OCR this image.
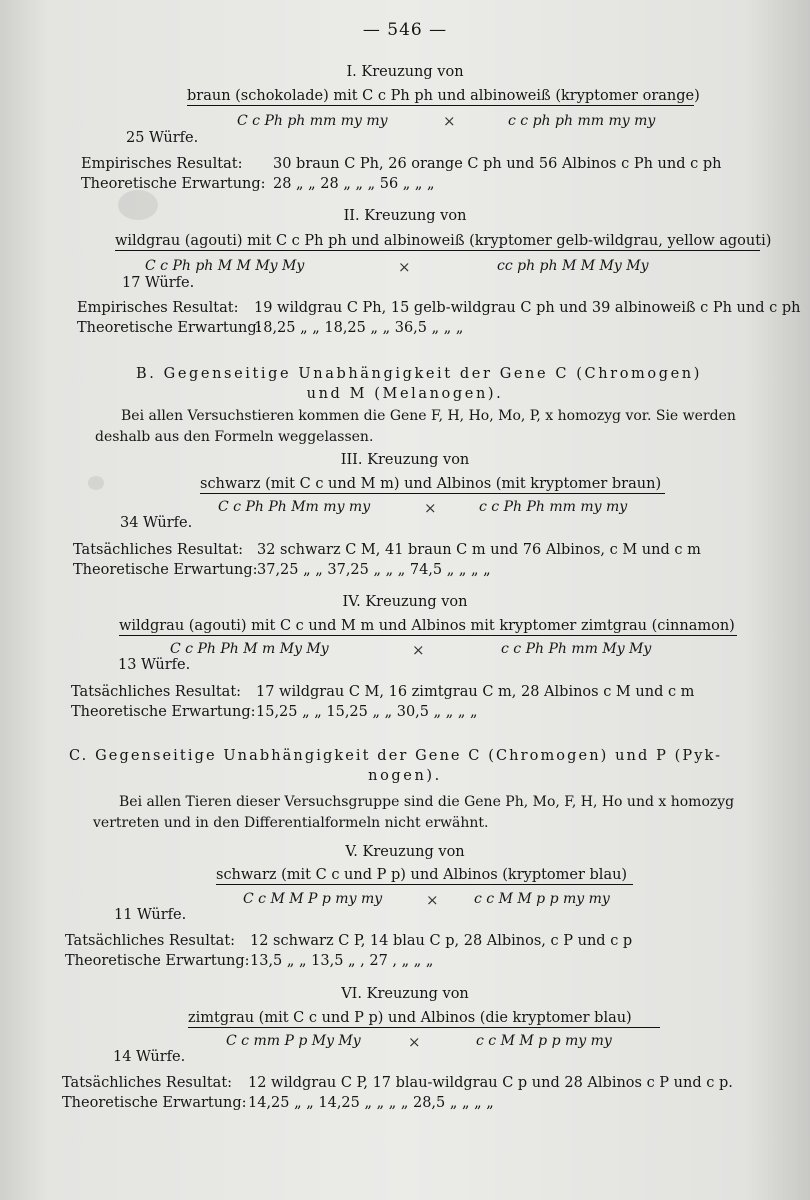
— 546 —
I. Kreuzung von
braun (schokolade) mit C c Ph ph und albinoweiß (kryptomer orange)
C c Ph ph mm my my	×	c c ph ph mm my my
25 Würfe.
Empirisches Resultat: 30 braun C Ph, 26 orange C ph und 56 Albinos c Ph und c ph
Theoretische Erwartung: 28 „ „ 28 „ „ „ 56 „ „ „
II. Kreuzung von
wildgrau (agouti) mit C c Ph ph und albinoweiß (kryptomer gelb-wildgrau, yellow agouti)
C c Ph ph M M My My	×	cc ph ph M M My My
17 Würfe.
Empirisches Resultat: 19 wildgrau C Ph, 15 gelb-wildgrau C ph und 39 albinoweiß c Ph und c ph
Theoretische Erwartung:
18,25 „ „ 18,25 „ „ 36,5 „ „ „
B. Gegenseitige Unabhängigkeit der Gene C (Chromogen)
und M (Melanogen).
Bei allen Versuchstieren kommen die Gene F, H, Ho, Mo, P, x homozyg vor. Sie werden deshalb aus den Formeln weggelassen.
III. Kreuzung von
schwarz (mit C c und M m) und Albinos (mit kryptomer braun)
C c Ph Ph Mm my my	×	c c Ph Ph mm my my
34 Würfe.
Tatsächliches Resultat: 32 schwarz C M, 41 braun C m und 76 Albinos, c M und c m
Theoretische Erwartung: 37,25 „ „ 37,25 „ „ „ 74,5 „ „ „ „
IV. Kreuzung von
wildgrau (agouti) mit C c und M m und Albinos mit kryptomer zimtgrau (cinnamon)
C c Ph Ph M m My My	×	c c Ph Ph mm My My
13 Würfe.
Tatsächliches Resultat: 17 wildgrau C M, 16 zimtgrau C m, 28 Albinos c M und c m
Theoretische Erwartung: 15,25 „ „ 15,25 „ „ 30,5 „ „ „ „
C. Gegenseitige Unabhängigkeit der Gene C (Chromogen) und P (Pyk-
nogen).
Bei allen Tieren dieser Versuchsgruppe sind die Gene Ph, Mo, F, H, Ho und x homozyg vertreten und in den Differentialformeln nicht erwähnt.
V. Kreuzung von
schwarz (mit C c und P p) und Albinos (kryptomer blau)
C c M M P p my my	×	c c M M p p my my
11 Würfe.
Tatsächliches Resultat: 12 schwarz C P, 14 blau C p, 28 Albinos, c P und c p
Theoretische Erwartung: 13,5 „ „ 13,5 „ , 27 , „ „ „
VI. Kreuzung von
zimtgrau (mit C c und P p) und Albinos (die kryptomer blau)
C c mm P p My My	×	c c M M p p my my
14 Würfe.
Tatsächliches Resultat: 12 wildgrau C P, 17 blau-wildgrau C p und 28 Albinos c P und c p.
Theoretische Erwartung: 14,25 „ „ 14,25 „ „ „ „ 28,5 „ „ „ „
